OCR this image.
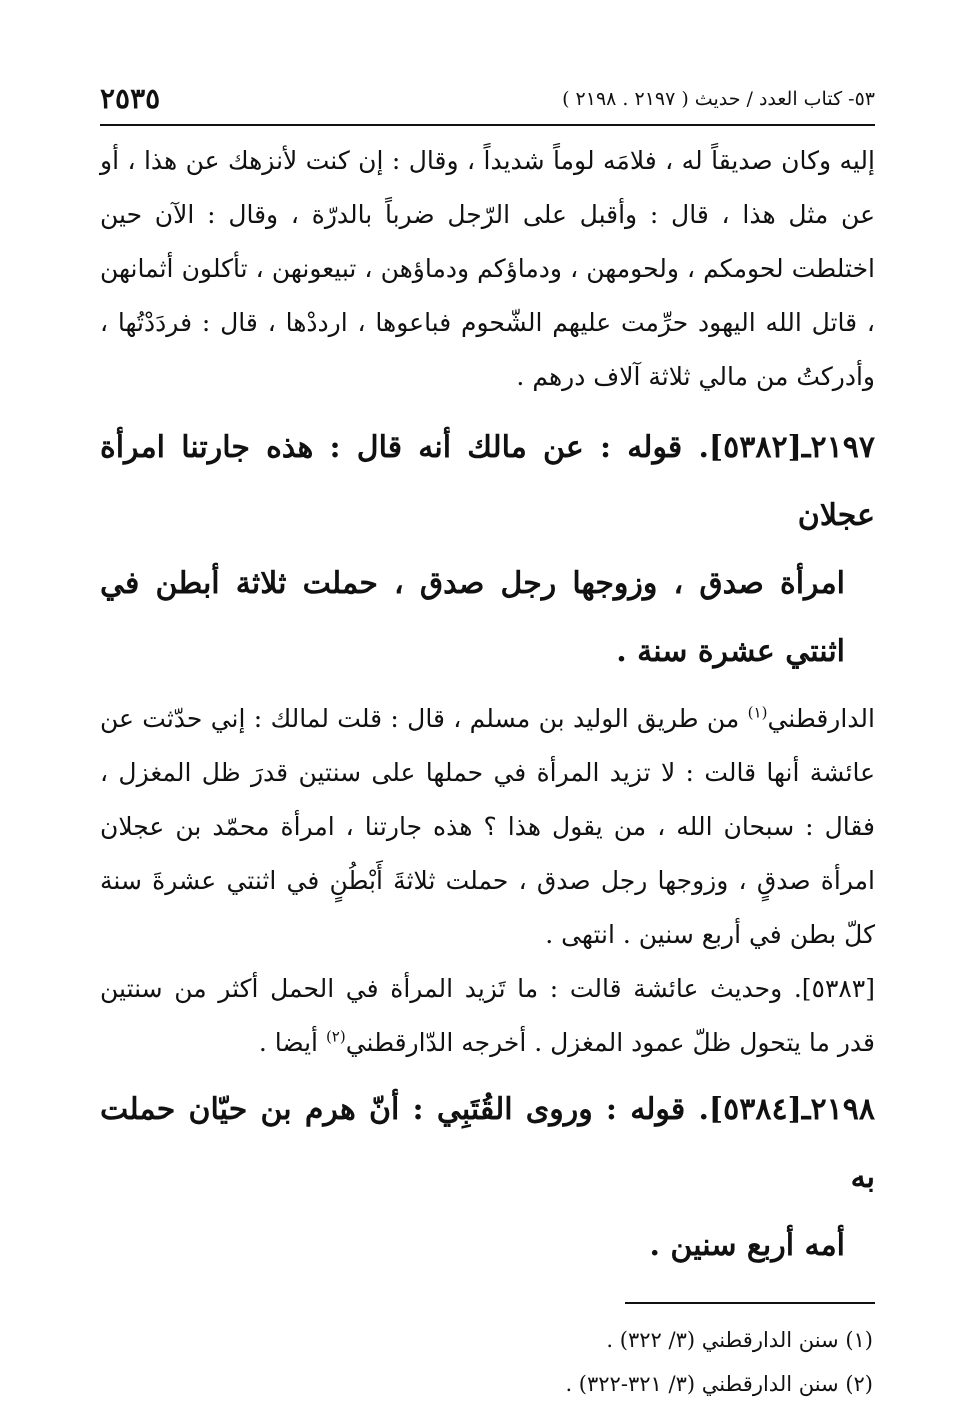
٥٣- كتاب العدد / حديث ( ٢١٩٧ . ٢١٩٨ )
٢٥٣٥

إليه وكان صديقاً له ، فلامَه لوماً شديداً ، وقال : إن كنت لأنزهك عن هذا ، أو عن مثل هذا ، قال : وأقبل على الرّجل ضرباً بالدرّة ، وقال : الآن حين اختلطت لحومكم ، ولحومهن ، ودماؤكم ودماؤهن ، تبيعونهن ، تأكلون أثمانهن ، قاتل الله اليهود حرِّمت عليهم الشّحوم فباعوها ، ارددْها ، قال : فردَدْتُها ، وأدركتُ من مالي ثلاثة آلاف درهم .

٢١٩٧ـ[٥٣٨٢]. قوله : عن مالك أنه قال : هذه جارتنا امرأة عجلان
امرأة صدق ، وزوجها رجل صدق ، حملت ثلاثة أبطن في اثنتي عشرة سنة .

الدارقطني$^{(١)}$ من طريق الوليد بن مسلم ، قال : قلت لمالك : إني حدّثت عن عائشة أنها قالت : لا تزيد المرأة في حملها على سنتين قدرَ ظل المغزل ، فقال : سبحان الله ، من يقول هذا ؟ هذه جارتنا ، امرأة محمّد بن عجلان امرأة صدقٍ ، وزوجها رجل صدق ، حملت ثلاثةَ أَبْطُنٍ في اثنتي عشرةَ سنة كلّ بطن في أربع سنين . انتهى .

[٥٣٨٣]. وحديث عائشة قالت : ما تَزيد المرأة في الحمل أكثر من سنتين قدر ما يتحول ظلّ عمود المغزل . أخرجه الدّارقطني$^{(٢)}$ أيضا .

٢١٩٨ـ[٥٣٨٤]. قوله : وروى القُتَبِي : أنّ هرم بن حيّان حملت به
أمه أربع سنين .

(١) سنن الدارقطني (٣/ ٣٢٢) .
(٢) سنن الدارقطني (٣/ ٣٢١-٣٢٢) .
